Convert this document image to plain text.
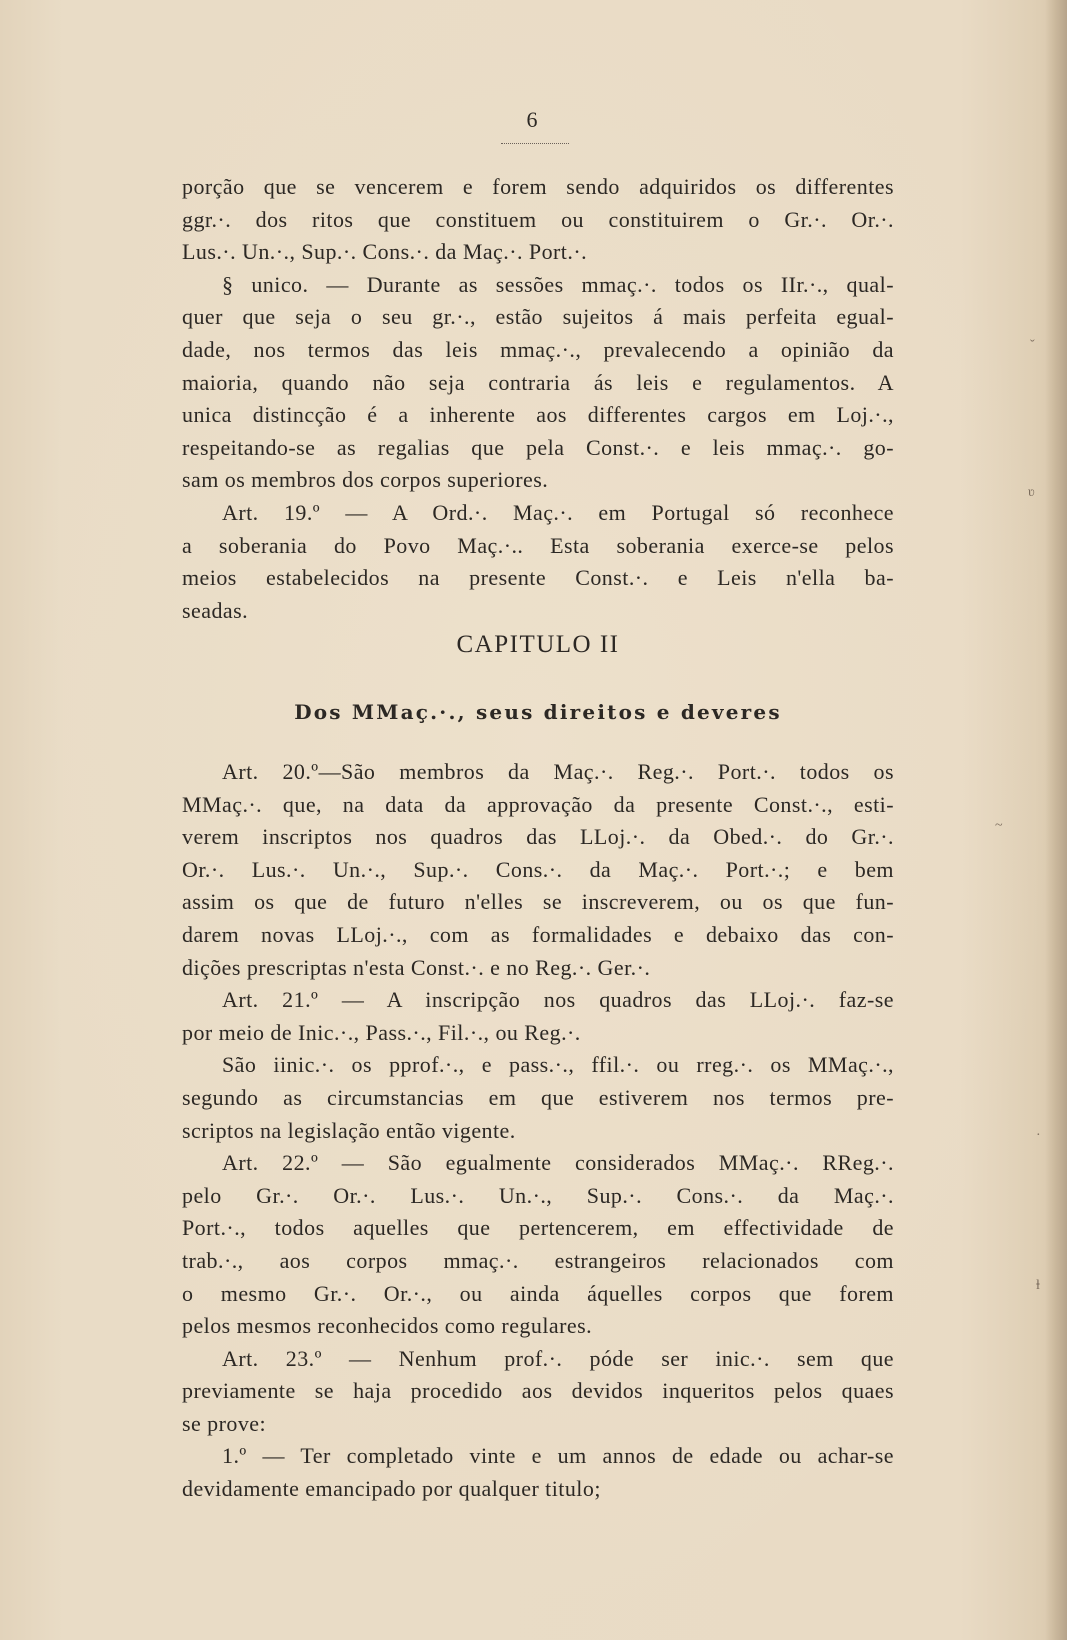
6
porção que se vencerem e forem sendo adquiridos os differentes
ggr.·. dos ritos que constituem ou constituirem o Gr.·. Or.·.
Lus.·. Un.·., Sup.·. Cons.·. da Maç.·. Port.·.
§ unico. — Durante as sessões mmaç.·. todos os IIr.·., qual-
quer que seja o seu gr.·., estão sujeitos á mais perfeita egual-
dade, nos termos das leis mmaç.·., prevalecendo a opinião da
maioria, quando não seja contraria ás leis e regulamentos. A
unica distincção é a inherente aos differentes cargos em Loj.·.,
respeitando-se as regalias que pela Const.·. e leis mmaç.·. go-
sam os membros dos corpos superiores.
Art. 19.º — A Ord.·. Maç.·. em Portugal só reconhece
a soberania do Povo Maç.·.. Esta soberania exerce-se pelos
meios estabelecidos na presente Const.·. e Leis n'ella ba-
seadas.
CAPITULO II
Dos MMaç.·., seus direitos e deveres
Art. 20.º—São membros da Maç.·. Reg.·. Port.·. todos os
MMaç.·. que, na data da approvação da presente Const.·., esti-
verem inscriptos nos quadros das LLoj.·. da Obed.·. do Gr.·.
Or.·. Lus.·. Un.·., Sup.·. Cons.·. da Maç.·. Port.·.; e bem
assim os que de futuro n'elles se inscreverem, ou os que fun-
darem novas LLoj.·., com as formalidades e debaixo das con-
dições prescriptas n'esta Const.·. e no Reg.·. Ger.·.
Art. 21.º — A inscripção nos quadros das LLoj.·. faz-se
por meio de Inic.·., Pass.·., Fil.·., ou Reg.·.
São iinic.·. os pprof.·., e pass.·., ffil.·. ou rreg.·. os MMaç.·.,
segundo as circumstancias em que estiverem nos termos pre-
scriptos na legislação então vigente.
Art. 22.º — São egualmente considerados MMaç.·. RReg.·.
pelo Gr.·. Or.·. Lus.·. Un.·., Sup.·. Cons.·. da Maç.·.
Port.·., todos aquelles que pertencerem, em effectividade de
trab.·., aos corpos mmaç.·. estrangeiros relacionados com
o mesmo Gr.·. Or.·., ou ainda áquelles corpos que forem
pelos mesmos reconhecidos como regulares.
Art. 23.º — Nenhum prof.·. póde ser inic.·. sem que
previamente se haja procedido aos devidos inqueritos pelos quaes
se prove:
1.º — Ter completado vinte e um annos de edade ou achar-se
devidamente emancipado por qualquer titulo;
ˇ
ʋ
~
·
ⱡ
